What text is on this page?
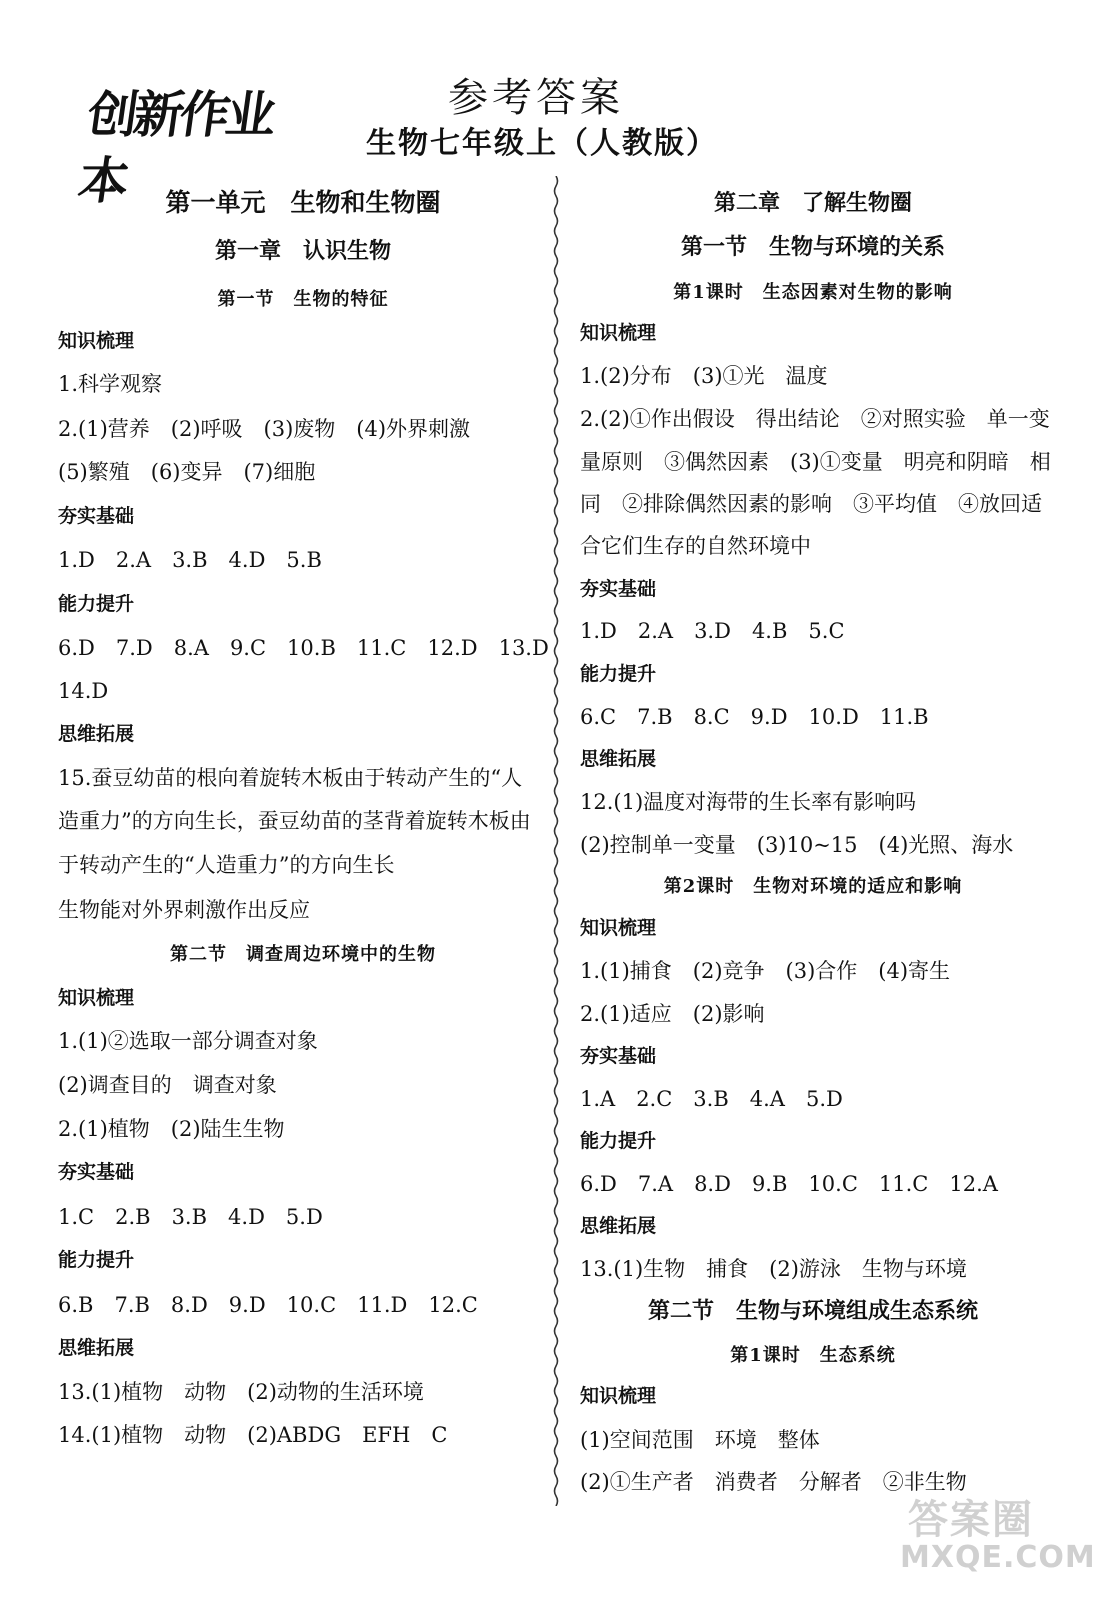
创新作业本
参考答案
生物七年级上（人教版）
第一单元　生物和生物圈
第一章　认识生物
第一节　生物的特征
知识梳理
1.科学观察
2.(1)营养　(2)呼吸　(3)废物　(4)外界刺激
(5)繁殖　(6)变异　(7)细胞
夯实基础
1.D　2.A　3.B　4.D　5.B
能力提升
6.D　7.D　8.A　9.C　10.B　11.C　12.D　13.D
14.D
思维拓展
15.蚕豆幼苗的根向着旋转木板由于转动产生的“人
造重力”的方向生长，蚕豆幼苗的茎背着旋转木板由
于转动产生的“人造重力”的方向生长
生物能对外界刺激作出反应
第二节　调查周边环境中的生物
知识梳理
1.(1)②选取一部分调查对象
(2)调查目的　调查对象
2.(1)植物　(2)陆生生物
夯实基础
1.C　2.B　3.B　4.D　5.D
能力提升
6.B　7.B　8.D　9.D　10.C　11.D　12.C
思维拓展
13.(1)植物　动物　(2)动物的生活环境
14.(1)植物　动物　(2)ABDG　EFH　C
第二章　了解生物圈
第一节　生物与环境的关系
第1课时　生态因素对生物的影响
知识梳理
1.(2)分布　(3)①光　温度
2.(2)①作出假设　得出结论　②对照实验　单一变
量原则　③偶然因素　(3)①变量　明亮和阴暗　相
同　②排除偶然因素的影响　③平均值　④放回适
合它们生存的自然环境中
夯实基础
1.D　2.A　3.D　4.B　5.C
能力提升
6.C　7.B　8.C　9.D　10.D　11.B
思维拓展
12.(1)温度对海带的生长率有影响吗
(2)控制单一变量　(3)10~15　(4)光照、海水
第2课时　生物对环境的适应和影响
知识梳理
1.(1)捕食　(2)竞争　(3)合作　(4)寄生
2.(1)适应　(2)影响
夯实基础
1.A　2.C　3.B　4.A　5.D
能力提升
6.D　7.A　8.D　9.B　10.C　11.C　12.A
思维拓展
13.(1)生物　捕食　(2)游泳　生物与环境
第二节　生物与环境组成生态系统
第1课时　生态系统
知识梳理
(1)空间范围　环境　整体
(2)①生产者　消费者　分解者　②非生物
答案圈
MXQE.COM
